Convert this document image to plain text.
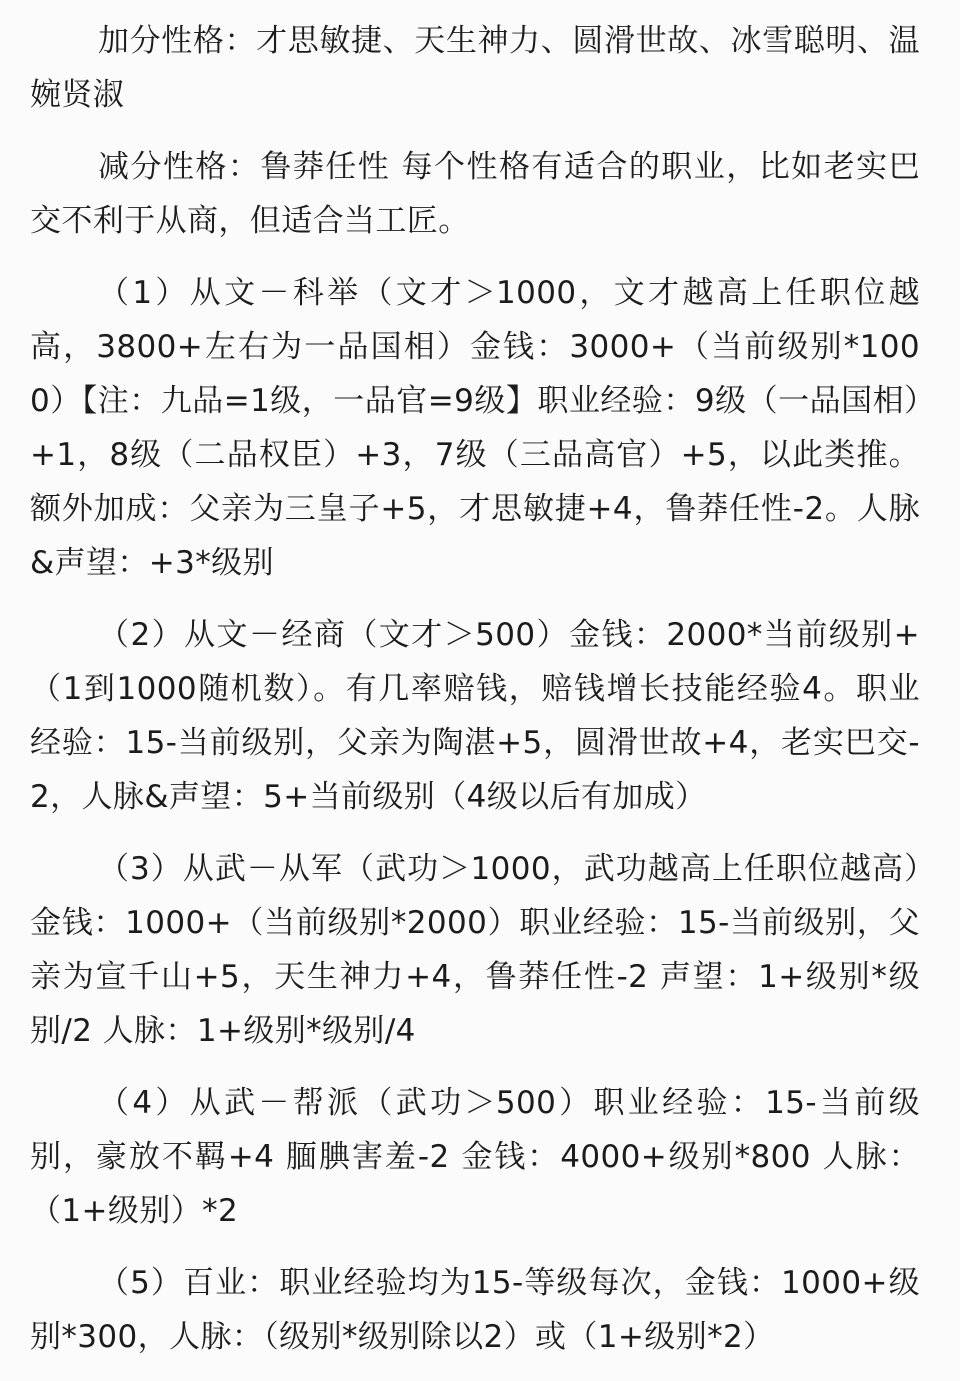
加分性格：才思敏捷、天生神力、圆滑世故、冰雪聪明、温婉贤淑

减分性格：鲁莽任性 每个性格有适合的职业，比如老实巴交不利于从商，但适合当工匠。

（1）从文－科举（文才＞1000，文才越高上任职位越高，3800+左右为一品国相）金钱：3000+（当前级别*1000）【注：九品=1级，一品官=9级】职业经验：9级（一品国相）+1，8级（二品权臣）+3，7级（三品高官）+5，以此类推。额外加成：父亲为三皇子+5，才思敏捷+4，鲁莽任性-2。人脉&声望：+3*级别

（2）从文－经商（文才＞500）金钱：2000*当前级别+（1到1000随机数）。有几率赔钱，赔钱增长技能经验4。职业经验：15-当前级别，父亲为陶湛+5，圆滑世故+4，老实巴交-2，人脉&声望：5+当前级别（4级以后有加成）

（3）从武－从军（武功＞1000，武功越高上任职位越高）金钱：1000+（当前级别*2000）职业经验：15-当前级别，父亲为宣千山+5，天生神力+4，鲁莽任性-2 声望：1+级别*级别/2 人脉：1+级别*级别/4

（4）从武－帮派（武功＞500）职业经验：15-当前级别，豪放不羁+4 腼腆害羞-2 金钱：4000+级别*800 人脉：（1+级别）*2

（5）百业：职业经验均为15-等级每次，金钱：1000+级别*300，人脉：（级别*级别除以2）或（1+级别*2）
